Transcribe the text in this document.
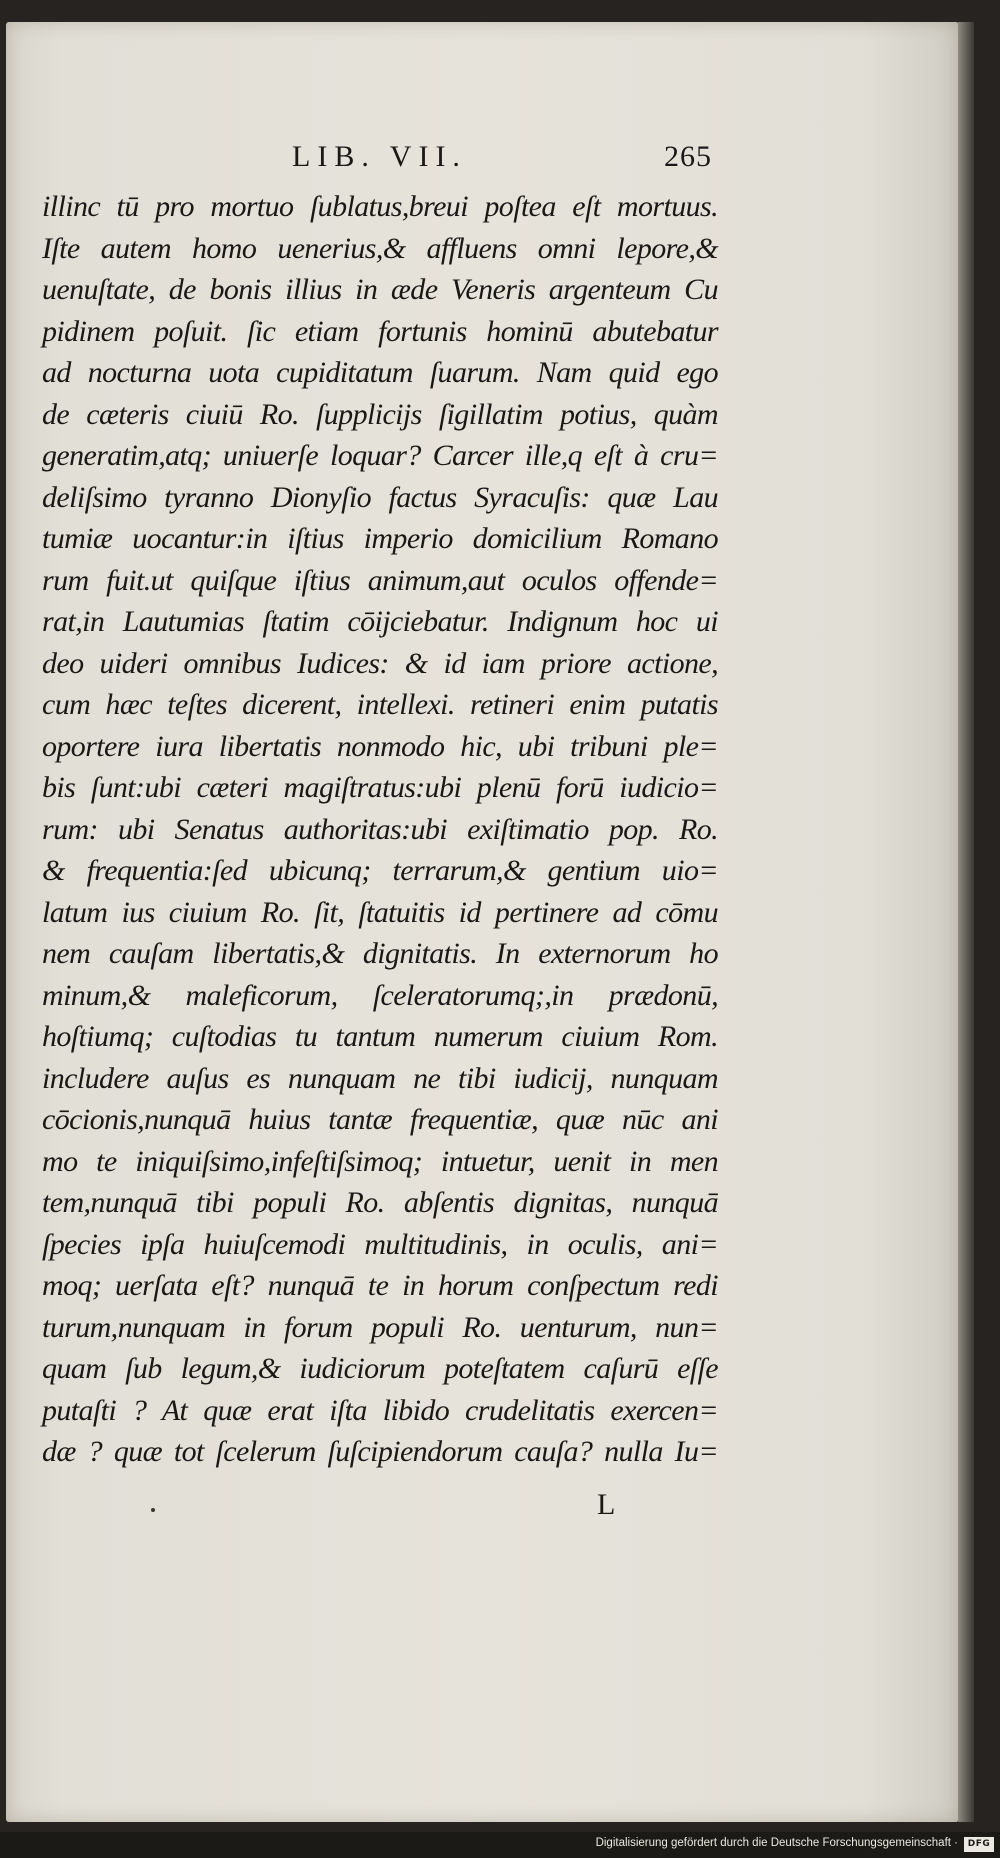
LIB. VII.	265
illinc tū pro mortuo ſublatus,breui poſtea eſt mortuus.
Iſte autem homo uenerius,& affluens omni lepore,&
uenuſtate, de bonis illius in æde Veneris argenteum Cu
pidinem poſuit. ſic etiam fortunis hominū abutebatur
ad nocturna uota cupiditatum ſuarum. Nam quid ego
de cæteris ciuiū Ro. ſupplicijs ſigillatim potius, quàm
generatim,atq; uniuerſe loquar? Carcer ille,q eſt à cru=
deliſsimo tyranno Dionyſio factus Syracuſis: quæ Lau
tumiæ uocantur:in iſtius imperio domicilium Romano
rum fuit.ut quiſque iſtius animum,aut oculos offende=
rat,in Lautumias ſtatim cōijciebatur. Indignum hoc ui
deo uideri omnibus Iudices: & id iam priore actione,
cum hæc teſtes dicerent, intellexi. retineri enim putatis
oportere iura libertatis nonmodo hic, ubi tribuni ple=
bis ſunt:ubi cæteri magiſtratus:ubi plenū forū iudicio=
rum: ubi Senatus authoritas:ubi exiſtimatio pop. Ro.
& frequentia:ſed ubicunq; terrarum,& gentium uio=
latum ius ciuium Ro. ſit, ſtatuitis id pertinere ad cōmu
nem cauſam libertatis,& dignitatis. In externorum ho
minum,& maleficorum, ſceleratorumq;,in prædonū,
hoſtiumq; cuſtodias tu tantum numerum ciuium Rom.
includere auſus es nunquam ne tibi iudicij, nunquam
cōcionis,nunquā huius tantæ frequentiæ, quæ nūc ani
mo te iniquiſsimo,infeſtiſsimoq; intuetur, uenit in men
tem,nunquā tibi populi Ro. abſentis dignitas, nunquā
ſpecies ipſa huiuſcemodi multitudinis, in oculis, ani=
moq; uerſata eſt? nunquā te in horum conſpectum redi
turum,nunquam in forum populi Ro. uenturum, nun=
quam ſub legum,& iudiciorum poteſtatem caſurū eſſe
putaſti ? At quæ erat iſta libido crudelitatis exercen=
dæ ? quæ tot ſcelerum ſuſcipiendorum cauſa? nulla Iu=
L
Digitalisierung gefördert durch die Deutsche Forschungsgemeinschaft ·	DFG
